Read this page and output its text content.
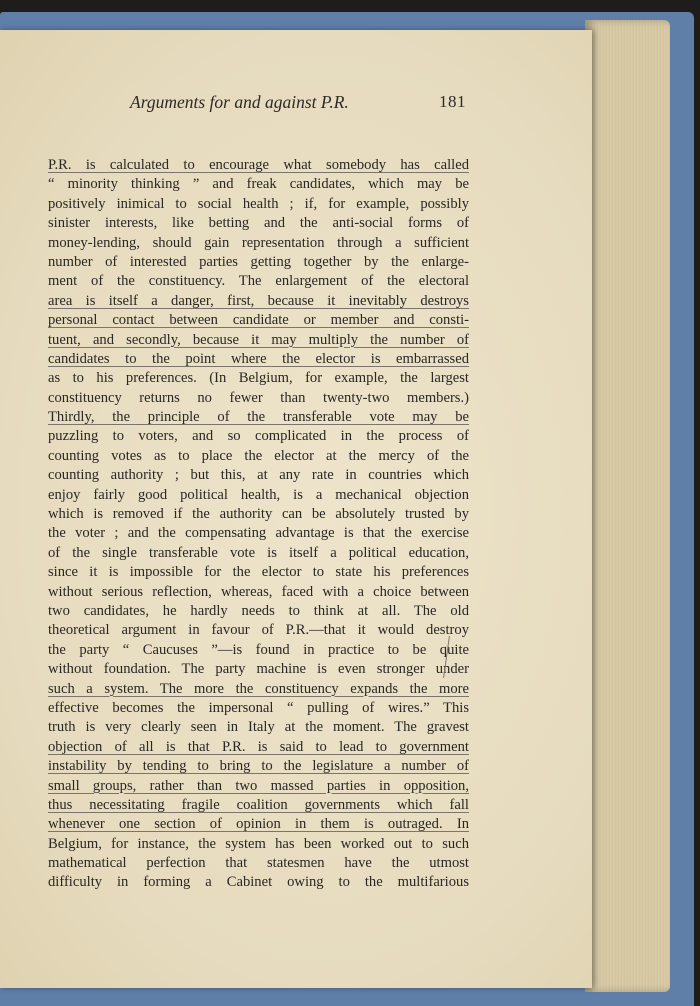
Arguments for and against P.R.	181
P.R. is calculated to encourage what somebody has called
“ minority thinking ” and freak candidates, which may be
positively inimical to social health ; if, for example, possibly
sinister interests, like betting and the anti-social forms of
money-lending, should gain representation through a sufficient
number of interested parties getting together by the enlarge-
ment of the constituency. The enlargement of the electoral
area is itself a danger, first, because it inevitably destroys
personal contact between candidate or member and consti-
tuent, and secondly, because it may multiply the number of
candidates to the point where the elector is embarrassed
as to his preferences. (In Belgium, for example, the largest
constituency returns no fewer than twenty-two members.)
Thirdly, the principle of the transferable vote may be
puzzling to voters, and so complicated in the process of
counting votes as to place the elector at the mercy of the
counting authority ; but this, at any rate in countries which
enjoy fairly good political health, is a mechanical objection
which is removed if the authority can be absolutely trusted by
the voter ; and the compensating advantage is that the exercise
of the single transferable vote is itself a political education,
since it is impossible for the elector to state his preferences
without serious reflection, whereas, faced with a choice between
two candidates, he hardly needs to think at all. The old
theoretical argument in favour of P.R.—that it would destroy
the party “ Caucuses ”—is found in practice to be quite
without foundation. The party machine is even stronger under
such a system. The more the constituency expands the more
effective becomes the impersonal “ pulling of wires.” This
truth is very clearly seen in Italy at the moment. The gravest
objection of all is that P.R. is said to lead to government
instability by tending to bring to the legislature a number of
small groups, rather than two massed parties in opposition,
thus necessitating fragile coalition governments which fall
whenever one section of opinion in them is outraged. In
Belgium, for instance, the system has been worked out to such
mathematical perfection that statesmen have the utmost
difficulty in forming a Cabinet owing to the multifarious
